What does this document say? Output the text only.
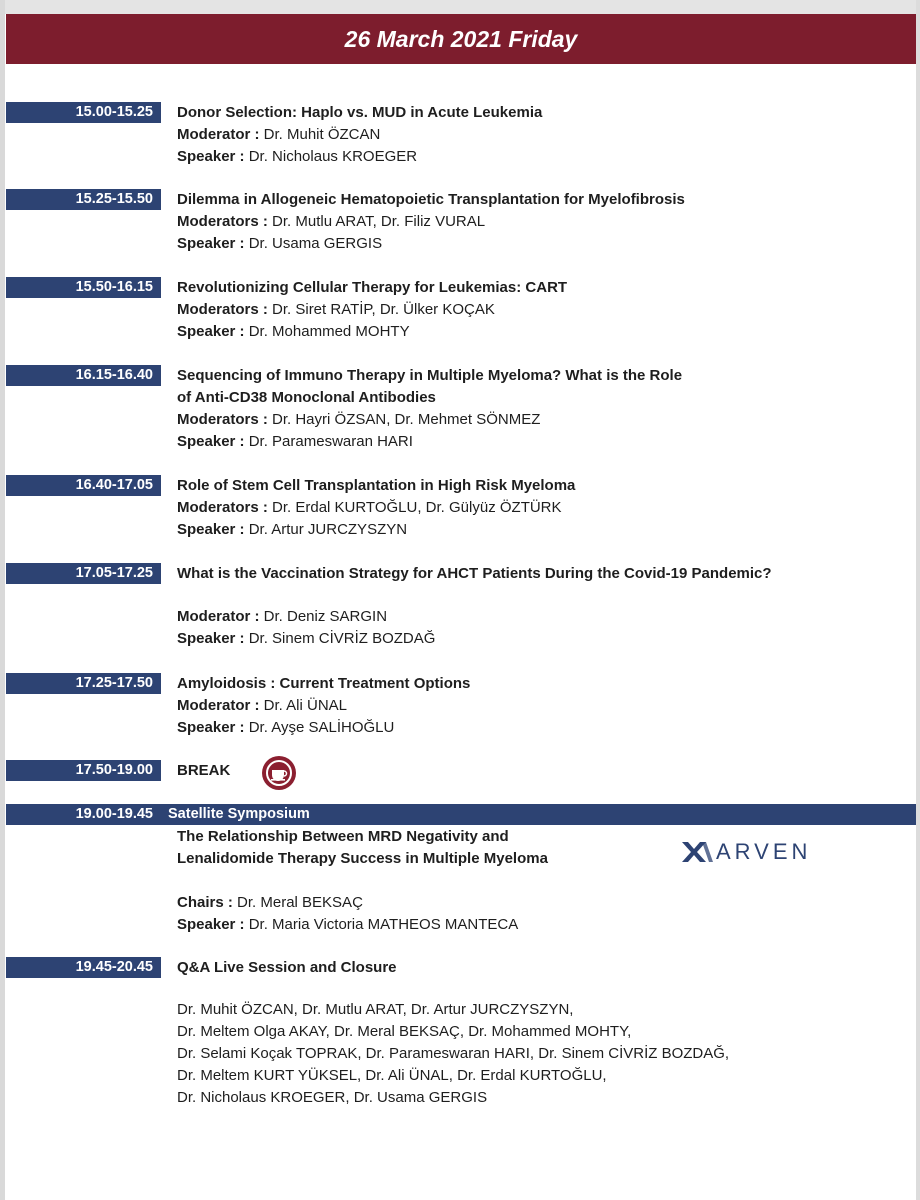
26 March 2021 Friday
15.00-15.25	Donor Selection: Haplo vs. MUD in Acute Leukemia
Moderator : Dr. Muhit ÖZCAN
Speaker : Dr. Nicholaus KROEGER
15.25-15.50	Dilemma in Allogeneic Hematopoietic Transplantation for Myelofibrosis
Moderators : Dr. Mutlu ARAT, Dr. Filiz VURAL
Speaker : Dr. Usama GERGIS
15.50-16.15	Revolutionizing Cellular Therapy for Leukemias: CART
Moderators : Dr. Siret RATİP, Dr. Ülker KOÇAK
Speaker : Dr. Mohammed MOHTY
16.15-16.40	Sequencing of Immuno Therapy in Multiple Myeloma? What is the Role
of Anti-CD38 Monoclonal Antibodies
Moderators : Dr. Hayri ÖZSAN, Dr. Mehmet SÖNMEZ
Speaker : Dr. Parameswaran HARI
16.40-17.05	Role of Stem Cell Transplantation in High Risk Myeloma
Moderators : Dr. Erdal KURTOĞLU, Dr. Gülyüz ÖZTÜRK
Speaker : Dr. Artur JURCZYSZYN
17.05-17.25	What is the Vaccination Strategy for AHCT Patients During the Covid-19 Pandemic?
Moderator : Dr. Deniz SARGIN
Speaker : Dr. Sinem CİVRİZ BOZDAĞ
17.25-17.50	Amyloidosis : Current Treatment Options
Moderator : Dr. Ali ÜNAL
Speaker : Dr. Ayşe SALİHOĞLU
17.50-19.00	BREAK
19.00-19.45 Satellite Symposium
The Relationship Between MRD Negativity and
Lenalidomide Therapy Success in Multiple Myeloma
Chairs : Dr. Meral BEKSAÇ
Speaker : Dr. Maria Victoria MATHEOS MANTECA
ARVEN
19.45-20.45	Q&A Live Session and Closure
Dr. Muhit ÖZCAN, Dr. Mutlu ARAT, Dr. Artur JURCZYSZYN,
Dr. Meltem Olga AKAY, Dr. Meral BEKSAÇ, Dr. Mohammed MOHTY,
Dr. Selami Koçak TOPRAK, Dr. Parameswaran HARI, Dr. Sinem CİVRİZ BOZDAĞ,
Dr. Meltem KURT YÜKSEL, Dr. Ali ÜNAL, Dr. Erdal KURTOĞLU,
Dr. Nicholaus KROEGER, Dr. Usama GERGIS
